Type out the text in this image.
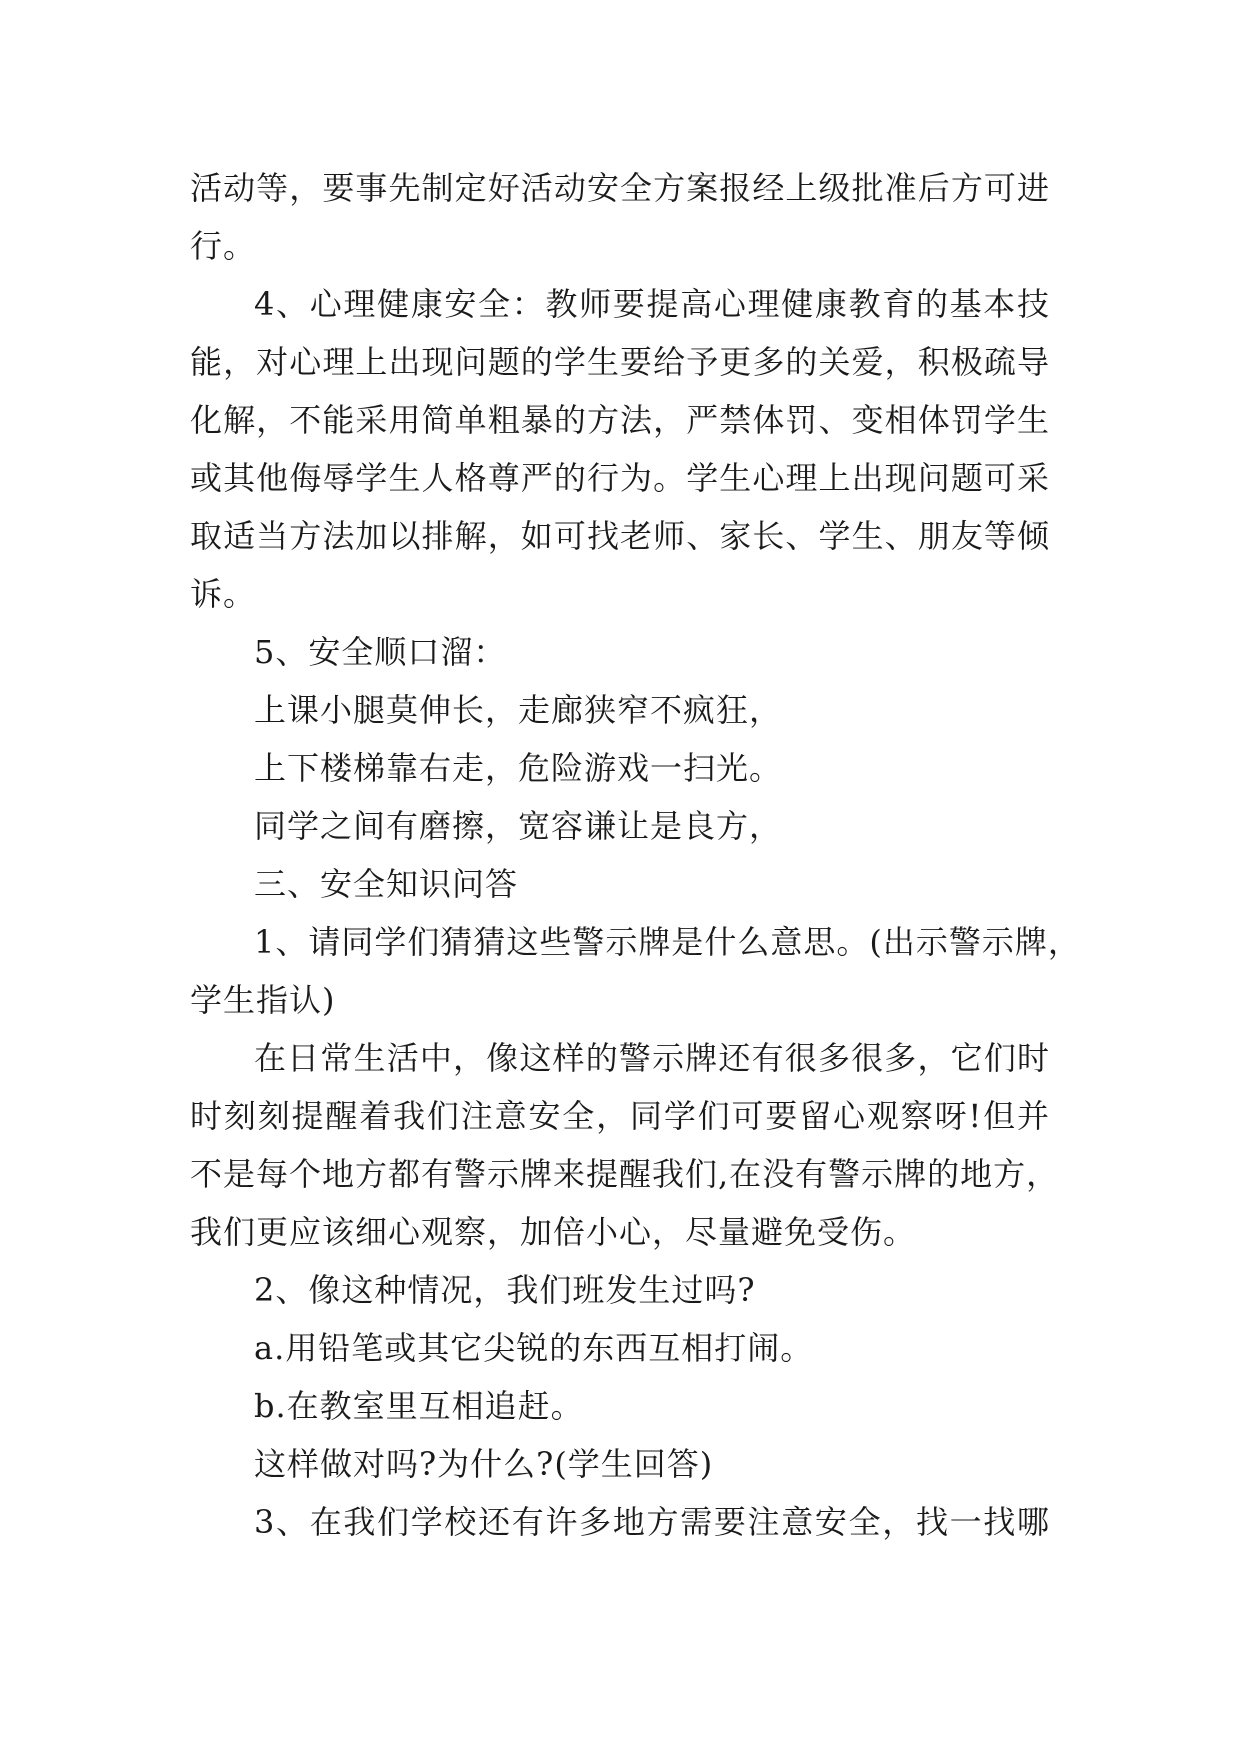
活动等，要事先制定好活动安全方案报经上级批准后方可进
行。
4、心理健康安全：教师要提高心理健康教育的基本技
能，对心理上出现问题的学生要给予更多的关爱，积极疏导
化解，不能采用简单粗暴的方法，严禁体罚、变相体罚学生
或其他侮辱学生人格尊严的行为。学生心理上出现问题可采
取适当方法加以排解，如可找老师、家长、学生、朋友等倾
诉。
5、安全顺口溜：
上课小腿莫伸长，走廊狭窄不疯狂，
上下楼梯靠右走，危险游戏一扫光。
同学之间有磨擦，宽容谦让是良方，
三、安全知识问答
1、请同学们猜猜这些警示牌是什么意思。(出示警示牌，
学生指认)
在日常生活中，像这样的警示牌还有很多很多，它们时
时刻刻提醒着我们注意安全，同学们可要留心观察呀!但并
不是每个地方都有警示牌来提醒我们,在没有警示牌的地方，
我们更应该细心观察，加倍小心，尽量避免受伤。
2、像这种情况，我们班发生过吗?
a.用铅笔或其它尖锐的东西互相打闹。
b.在教室里互相追赶。
这样做对吗?为什么?(学生回答)
3、在我们学校还有许多地方需要注意安全，找一找哪
